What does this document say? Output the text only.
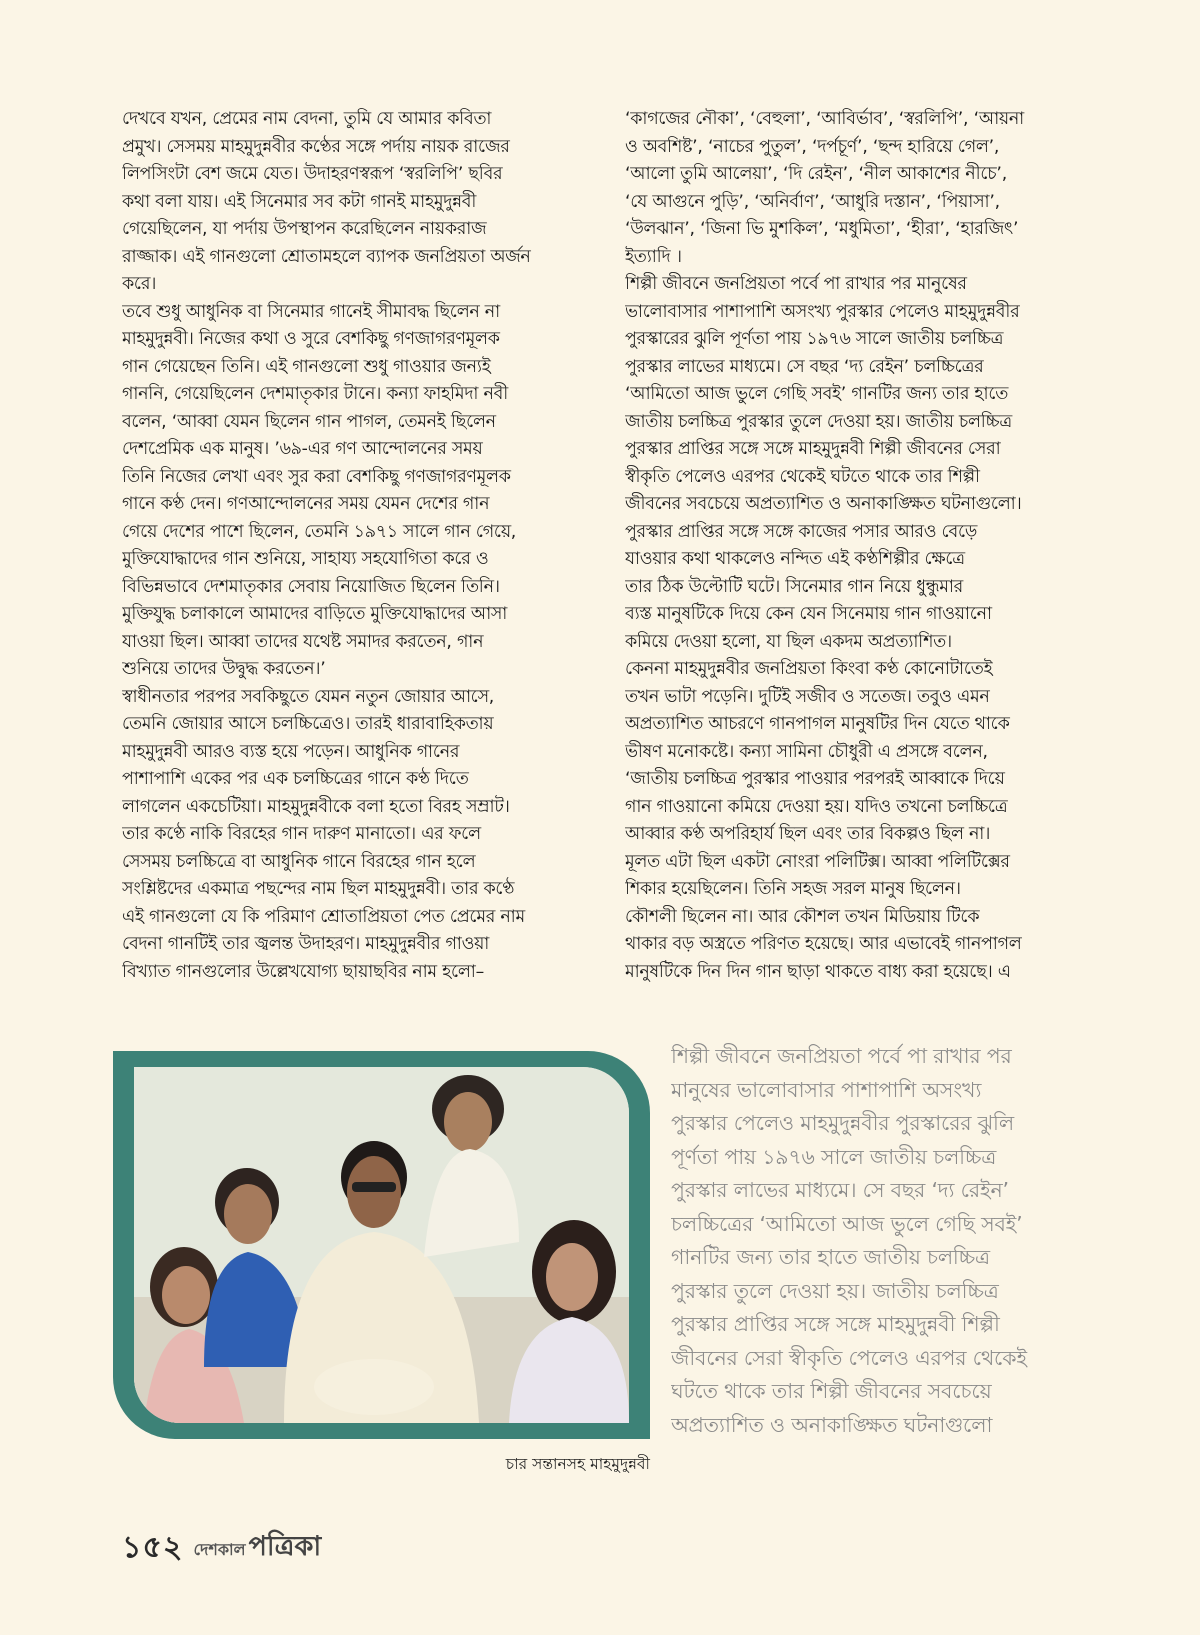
দেখবে যখন, প্রেমের নাম বেদনা, তুমি যে আমার কবিতা
প্রমুখ। সেসময় মাহমুদুন্নবীর কণ্ঠের সঙ্গে পর্দায় নায়ক রাজের
লিপসিংটা বেশ জমে যেত। উদাহরণস্বরূপ ‘স্বরলিপি’ ছবির
কথা বলা যায়। এই সিনেমার সব কটা গানই মাহমুদুন্নবী
গেয়েছিলেন, যা পর্দায় উপস্থাপন করেছিলেন নায়করাজ
রাজ্জাক। এই গানগুলো শ্রোতামহলে ব্যাপক জনপ্রিয়তা অর্জন
করে।
তবে শুধু আধুনিক বা সিনেমার গানেই সীমাবদ্ধ ছিলেন না
মাহমুদুন্নবী। নিজের কথা ও সুরে বেশকিছু গণজাগরণমূলক
গান গেয়েছেন তিনি। এই গানগুলো শুধু গাওয়ার জন্যই
গাননি, গেয়েছিলেন দেশমাতৃকার টানে। কন্যা ফাহমিদা নবী
বলেন, ‘আব্বা যেমন ছিলেন গান পাগল, তেমনই ছিলেন
দেশপ্রেমিক এক মানুষ। ’৬৯-এর গণ আন্দোলনের সময়
তিনি নিজের লেখা এবং সুর করা বেশকিছু গণজাগরণমূলক
গানে কণ্ঠ দেন। গণআন্দোলনের সময় যেমন দেশের গান
গেয়ে দেশের পাশে ছিলেন, তেমনি ১৯৭১ সালে গান গেয়ে,
মুক্তিযোদ্ধাদের গান শুনিয়ে, সাহায্য সহযোগিতা করে ও
বিভিন্নভাবে দেশমাতৃকার সেবায় নিয়োজিত ছিলেন তিনি।
মুক্তিযুদ্ধ চলাকালে আমাদের বাড়িতে মুক্তিযোদ্ধাদের আসা
যাওয়া ছিল। আব্বা তাদের যথেষ্ট সমাদর করতেন, গান
শুনিয়ে তাদের উদ্বুদ্ধ করতেন।’
স্বাধীনতার পরপর সবকিছুতে যেমন নতুন জোয়ার আসে,
তেমনি জোয়ার আসে চলচ্চিত্রেও। তারই ধারাবাহিকতায়
মাহমুদুন্নবী আরও ব্যস্ত হয়ে পড়েন। আধুনিক গানের
পাশাপাশি একের পর এক চলচ্চিত্রের গানে কণ্ঠ দিতে
লাগলেন একচেটিয়া। মাহমুদুন্নবীকে বলা হতো বিরহ সম্রাট।
তার কণ্ঠে নাকি বিরহের গান দারুণ মানাতো। এর ফলে
সেসময় চলচ্চিত্রে বা আধুনিক গানে বিরহের গান হলে
সংশ্লিষ্টদের একমাত্র পছন্দের নাম ছিল মাহমুদুন্নবী। তার কণ্ঠে
এই গানগুলো যে কি পরিমাণ শ্রোতাপ্রিয়তা পেত প্রেমের নাম
বেদনা গানটিই তার জ্বলন্ত উদাহরণ। মাহমুদুন্নবীর গাওয়া
বিখ্যাত গানগুলোর উল্লেখযোগ্য ছায়াছবির নাম হলো–
‘কাগজের নৌকা’, ‘বেহুলা’, ‘আবির্ভাব’, ‘স্বরলিপি’, ‘আয়না
ও অবশিষ্ট’, ‘নাচের পুতুল’, ‘দর্পচূর্ণ’, ‘ছন্দ হারিয়ে গেল’,
‘আলো তুমি আলেয়া’, ‘দি রেইন’, ‘নীল আকাশের নীচে’,
‘যে আগুনে পুড়ি’, ‘অনির্বাণ’, ‘আধুরি দস্তান’, ‘পিয়াসা’,
‘উলঝান’, ‘জিনা ভি মুশকিল’, ‘মধুমিতা’, ‘হীরা’, ‘হারজিৎ’
ইত্যাদি ।
শিল্পী জীবনে জনপ্রিয়তা পর্বে পা রাখার পর মানুষের
ভালোবাসার পাশাপাশি অসংখ্য পুরস্কার পেলেও মাহমুদুন্নবীর
পুরস্কারের ঝুলি পূর্ণতা পায় ১৯৭৬ সালে জাতীয় চলচ্চিত্র
পুরস্কার লাভের মাধ্যমে। সে বছর ‘দ্য রেইন’ চলচ্চিত্রের
‘আমিতো আজ ভুলে গেছি সবই’ গানটির জন্য তার হাতে
জাতীয় চলচ্চিত্র পুরস্কার তুলে দেওয়া হয়। জাতীয় চলচ্চিত্র
পুরস্কার প্রাপ্তির সঙ্গে সঙ্গে মাহমুদুন্নবী শিল্পী জীবনের সেরা
স্বীকৃতি পেলেও এরপর থেকেই ঘটতে থাকে তার শিল্পী
জীবনের সবচেয়ে অপ্রত্যাশিত ও অনাকাঙ্ক্ষিত ঘটনাগুলো।
পুরস্কার প্রাপ্তির সঙ্গে সঙ্গে কাজের পসার আরও বেড়ে
যাওয়ার কথা থাকলেও নন্দিত এই কণ্ঠশিল্পীর ক্ষেত্রে
তার ঠিক উল্টোটি ঘটে। সিনেমার গান নিয়ে ধুন্ধুমার
ব্যস্ত মানুষটিকে দিয়ে কেন যেন সিনেমায় গান গাওয়ানো
কমিয়ে দেওয়া হলো, যা ছিল একদম অপ্রত্যাশিত।
কেননা মাহমুদুন্নবীর জনপ্রিয়তা কিংবা কণ্ঠ কোনোটাতেই
তখন ভাটা পড়েনি। দুটিই সজীব ও সতেজ। তবুও এমন
অপ্রত্যাশিত আচরণে গানপাগল মানুষটির দিন যেতে থাকে
ভীষণ মনোকষ্টে। কন্যা সামিনা চৌধুরী এ প্রসঙ্গে বলেন,
‘জাতীয় চলচ্চিত্র পুরস্কার পাওয়ার পরপরই আব্বাকে দিয়ে
গান গাওয়ানো কমিয়ে দেওয়া হয়। যদিও তখনো চলচ্চিত্রে
আব্বার কণ্ঠ অপরিহার্য ছিল এবং তার বিকল্পও ছিল না।
মূলত এটা ছিল একটা নোংরা পলিটিক্স। আব্বা পলিটিক্সের
শিকার হয়েছিলেন। তিনি সহজ সরল মানুষ ছিলেন।
কৌশলী ছিলেন না। আর কৌশল তখন মিডিয়ায় টিকে
থাকার বড় অস্ত্রতে পরিণত হয়েছে। আর এভাবেই গানপাগল
মানুষটিকে দিন দিন গান ছাড়া থাকতে বাধ্য করা হয়েছে। এ
চার সন্তানসহ মাহমুদুন্নবী
শিল্পী জীবনে জনপ্রিয়তা পর্বে পা রাখার পর
মানুষের ভালোবাসার পাশাপাশি অসংখ্য
পুরস্কার পেলেও মাহমুদুন্নবীর পুরস্কারের ঝুলি
পূর্ণতা পায় ১৯৭৬ সালে জাতীয় চলচ্চিত্র
পুরস্কার লাভের মাধ্যমে। সে বছর ‘দ্য রেইন’
চলচ্চিত্রের ‘আমিতো আজ ভুলে গেছি সবই’
গানটির জন্য তার হাতে জাতীয় চলচ্চিত্র
পুরস্কার তুলে দেওয়া হয়। জাতীয় চলচ্চিত্র
পুরস্কার প্রাপ্তির সঙ্গে সঙ্গে মাহমুদুন্নবী শিল্পী
জীবনের সেরা স্বীকৃতি পেলেও এরপর থেকেই
ঘটতে থাকে তার শিল্পী জীবনের সবচেয়ে
অপ্রত্যাশিত ও অনাকাঙ্ক্ষিত ঘটনাগুলো
১৫২ দেশকাল পত্রিকা
